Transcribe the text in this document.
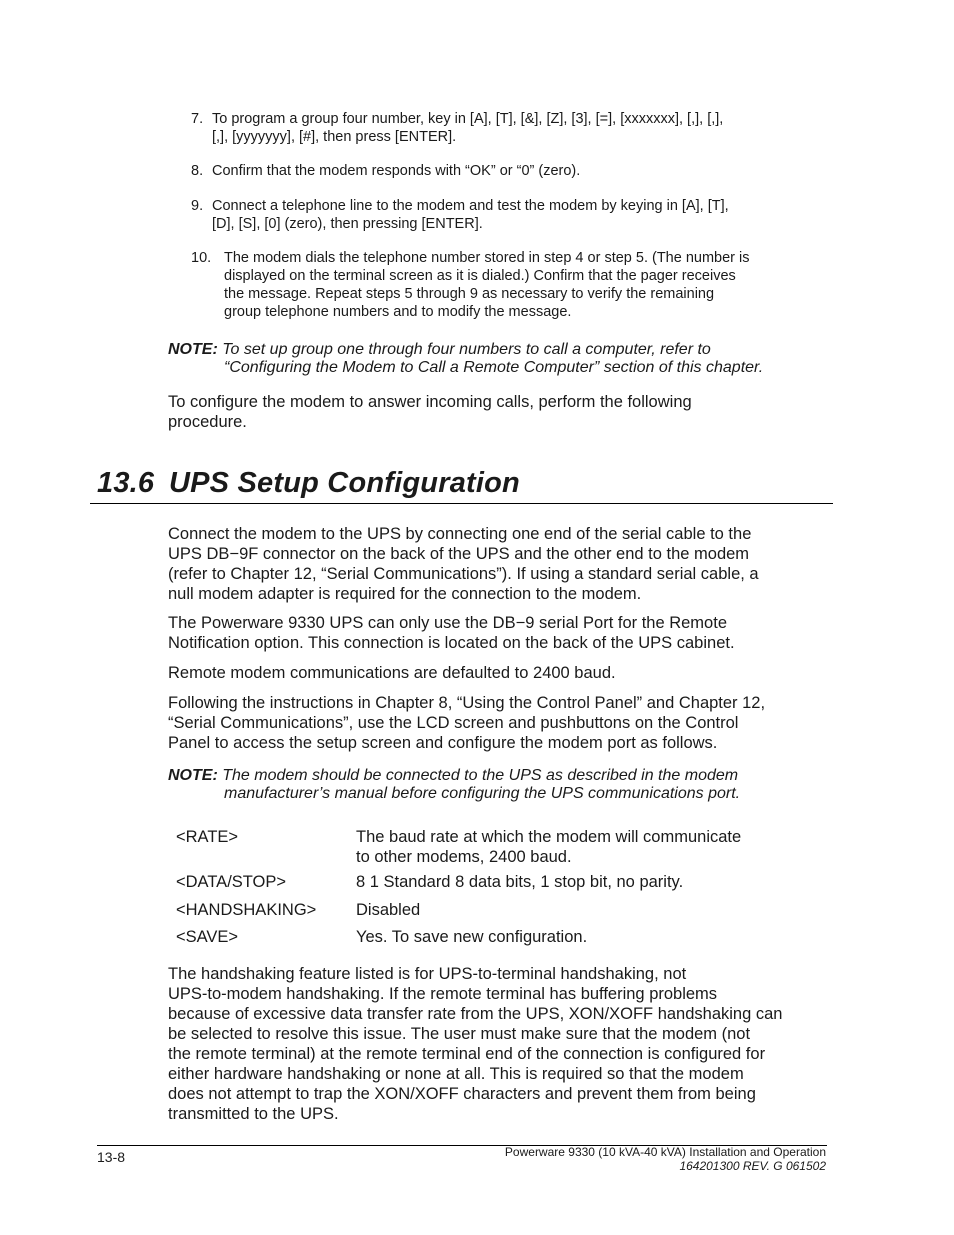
7. To program a group four number, key in [A], [T], [&], [Z], [3], [=], [xxxxxxx], [,], [,],
[,], [yyyyyyy], [#], then press [ENTER].
8. Confirm that the modem responds with “OK” or “0” (zero).
9. Connect a telephone line to the modem and test the modem by keying in [A], [T],
[D], [S], [0] (zero), then pressing [ENTER].
10. The modem dials the telephone number stored in step 4 or step 5. (The number is
displayed on the terminal screen as it is dialed.) Confirm that the pager receives
the message. Repeat steps 5 through 9 as necessary to verify the remaining
group telephone numbers and to modify the message.
NOTE: To set up group one through four numbers to call a computer, refer to
“Configuring the Modem to Call a Remote Computer” section of this chapter.
To configure the modem to answer incoming calls, perform the following
procedure.
13.6 UPS Setup Configuration
Connect the modem to the UPS by connecting one end of the serial cable to the
UPS DB−9F connector on the back of the UPS and the other end to the modem
(refer to Chapter 12, “Serial Communications”). If using a standard serial cable, a
null modem adapter is required for the connection to the modem.
The Powerware 9330 UPS can only use the DB−9 serial Port for the Remote
Notification option. This connection is located on the back of the UPS cabinet.
Remote modem communications are defaulted to 2400 baud.
Following the instructions in Chapter 8, “Using the Control Panel” and Chapter 12,
“Serial Communications”, use the LCD screen and pushbuttons on the Control
Panel to access the setup screen and configure the modem port as follows.
NOTE: The modem should be connected to the UPS as described in the modem
manufacturer’s manual before configuring the UPS communications port.
<RATE>	The baud rate at which the modem will communicate
to other modems, 2400 baud.
<DATA/STOP>	8 1 Standard 8 data bits, 1 stop bit, no parity.
<HANDSHAKING> Disabled
<SAVE>	Yes. To save new configuration.
The handshaking feature listed is for UPS-to-terminal handshaking, not
UPS-to-modem handshaking. If the remote terminal has buffering problems
because of excessive data transfer rate from the UPS, XON/XOFF handshaking can
be selected to resolve this issue. The user must make sure that the modem (not
the remote terminal) at the remote terminal end of the connection is configured for
either hardware handshaking or none at all. This is required so that the modem
does not attempt to trap the XON/XOFF characters and prevent them from being
transmitted to the UPS.
13-8	Powerware 9330 (10 kVA-40 kVA) Installation and Operation
164201300 REV. G 061502
